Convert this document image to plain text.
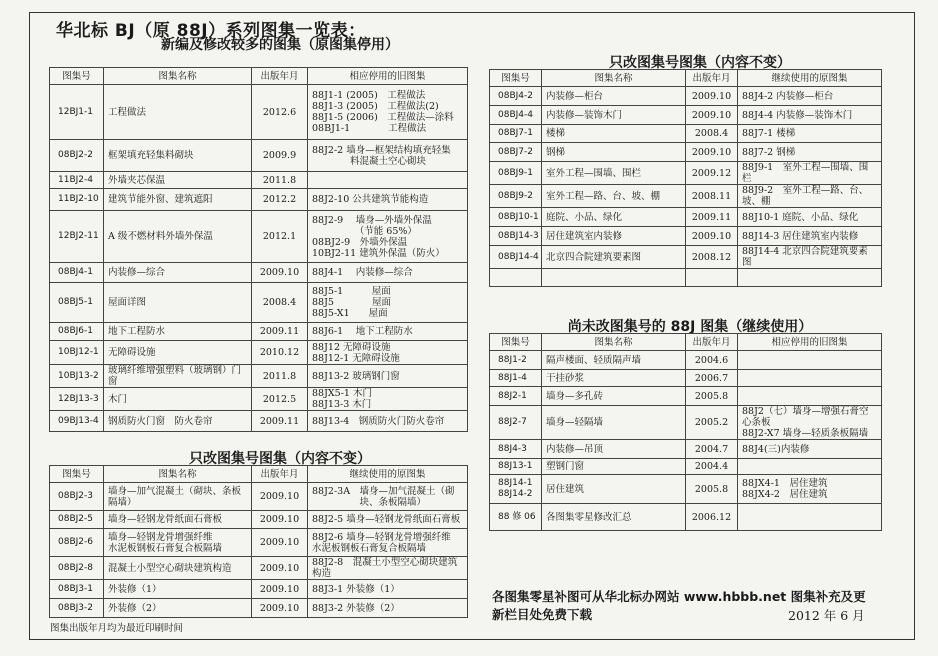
华北标 BJ（原 88J）系列图集一览表：
新编及修改较多的图集（原图集停用）
图集号	图集名称	出版年月	相应停用的旧图集
12BJ1-1	工程做法	2012.6	88J1-1 (2005)　工程做法
88J1-3 (2005)　工程做法(2)
88J1-5 (2006)　工程做法—涂料
08BJ1-1　　　　工程做法

08BJ2-2	框架填充轻集料砌块	2009.9	88J2-2 墙身—框架结构填充轻集
　　　　料混凝土空心砌块

11BJ2-4	外墙夹芯保温	2011.8	

11BJ2-10	建筑节能外窗、建筑遮阳	2012.2	88J2-10 公共建筑节能构造

12BJ2-11	A 级不燃材料外墙外保温	2012.1	88J2-9　 墙身—外墙外保温
　　　　　（节能 65%）
08BJ2-9　外墙外保温
10BJ2-11 建筑外保温（防火）

08BJ4-1	内装修—综合	2009.10	88J4-1　 内装修—综合

08BJ5-1	屋面详图	2008.4	88J5-1　　　屋面
88J5　　　　屋面
88J5-X1　　屋面

08BJ6-1	地下工程防水	2009.11	88J6-1　 地下工程防水

10BJ12-1	无障碍设施	2010.12	88J12 无障碍设施
88J12-1 无障碍设施

10BJ13-2	玻璃纤维增强塑料（玻璃钢）门窗	2011.8	88J13-2 玻璃钢门窗

12BJ13-3	木门	2012.5	88JX5-1 木门
88J13-3 木门

09BJ13-4	钢质防火门窗　防火卷帘	2009.11	88J13-4　钢质防火门防火卷帘
只改图集号图集（内容不变）
图集号	图集名称	出版年月	继续使用的原图集
08BJ2-3	墙身—加气混凝土（砌块、条板
隔墙）	2009.10	88J2-3A　墙身—加气混凝土（砌
　　　　　块、条板隔墙）

08BJ2-5	墙身—轻钢龙骨纸面石膏板	2009.10	88J2-5 墙身—轻钢龙骨纸面石膏板

08BJ2-6	墙身—轻钢龙骨增强纤维
水泥板钢板石膏复合板隔墙	2009.10	88J2-6 墙身—轻钢龙骨增强纤维
水泥板钢板石膏复合板隔墙

08BJ2-8	混凝土小型空心砌块建筑构造	2009.10	88J2-8　混凝土小型空心砌块建筑构造

08BJ3-1	外装修（1）	2009.10	88J3-1 外装修（1）

08BJ3-2	外装修（2）	2009.10	88J3-2 外装修（2）
只改图集号图集（内容不变）
图集号	图集名称	出版年月	继续使用的原图集
08BJ4-2	内装修—柜台	2009.10	88J4-2 内装修—柜台
08BJ4-4	内装修—装饰木门	2009.10	88J4-4 内装修—装饰木门
08BJ7-1	楼梯	2008.4	88J7-1 楼梯
08BJ7-2	钢梯	2009.10	88J7-2 钢梯
08BJ9-1	室外工程—围墙、围栏	2009.12	88J9-1　室外工程—围墙、围栏
08BJ9-2	室外工程—路、台、坡、棚	2008.11	88J9-2　室外工程—路、台、坡、棚
08BJ10-1	庭院、小品、绿化	2009.11	88J10-1 庭院、小品、绿化
08BJ14-3	居住建筑室内装修	2009.10	88J14-3 居住建筑室内装修
08BJ14-4	北京四合院建筑要素图	2008.12	88J14-4 北京四合院建筑要素图

尚未改图集号的 88J 图集（继续使用）
图集号	图集名称	出版年月	相应停用的旧图集

88J1-2	隔声楼面、轻质隔声墙	2004.6	

88J1-4	干挂砂浆	2006.7	

88J2-1	墙身—多孔砖	2005.8	

88J2-7	墙身—轻隔墙	2005.2	88J2（七）墙身—增强石膏空心条板
88J2-X7 墙身—轻质条板隔墙

88J4-3	内装修—吊顶	2004.7	88J4(三)内装修

88J13-1	塑钢门窗	2004.4	

88J14-1
88J14-2	居住建筑	2005.8	88JX4-1　居住建筑
88JX4-2　居住建筑

88 修 06	各图集零星修改汇总	2006.12	
各图集零星补图可从华北标办网站 www.hbbb.net 图集补充及更新栏目处免费下载	2012 年 6 月
图集出版年月均为最近印刷时间
